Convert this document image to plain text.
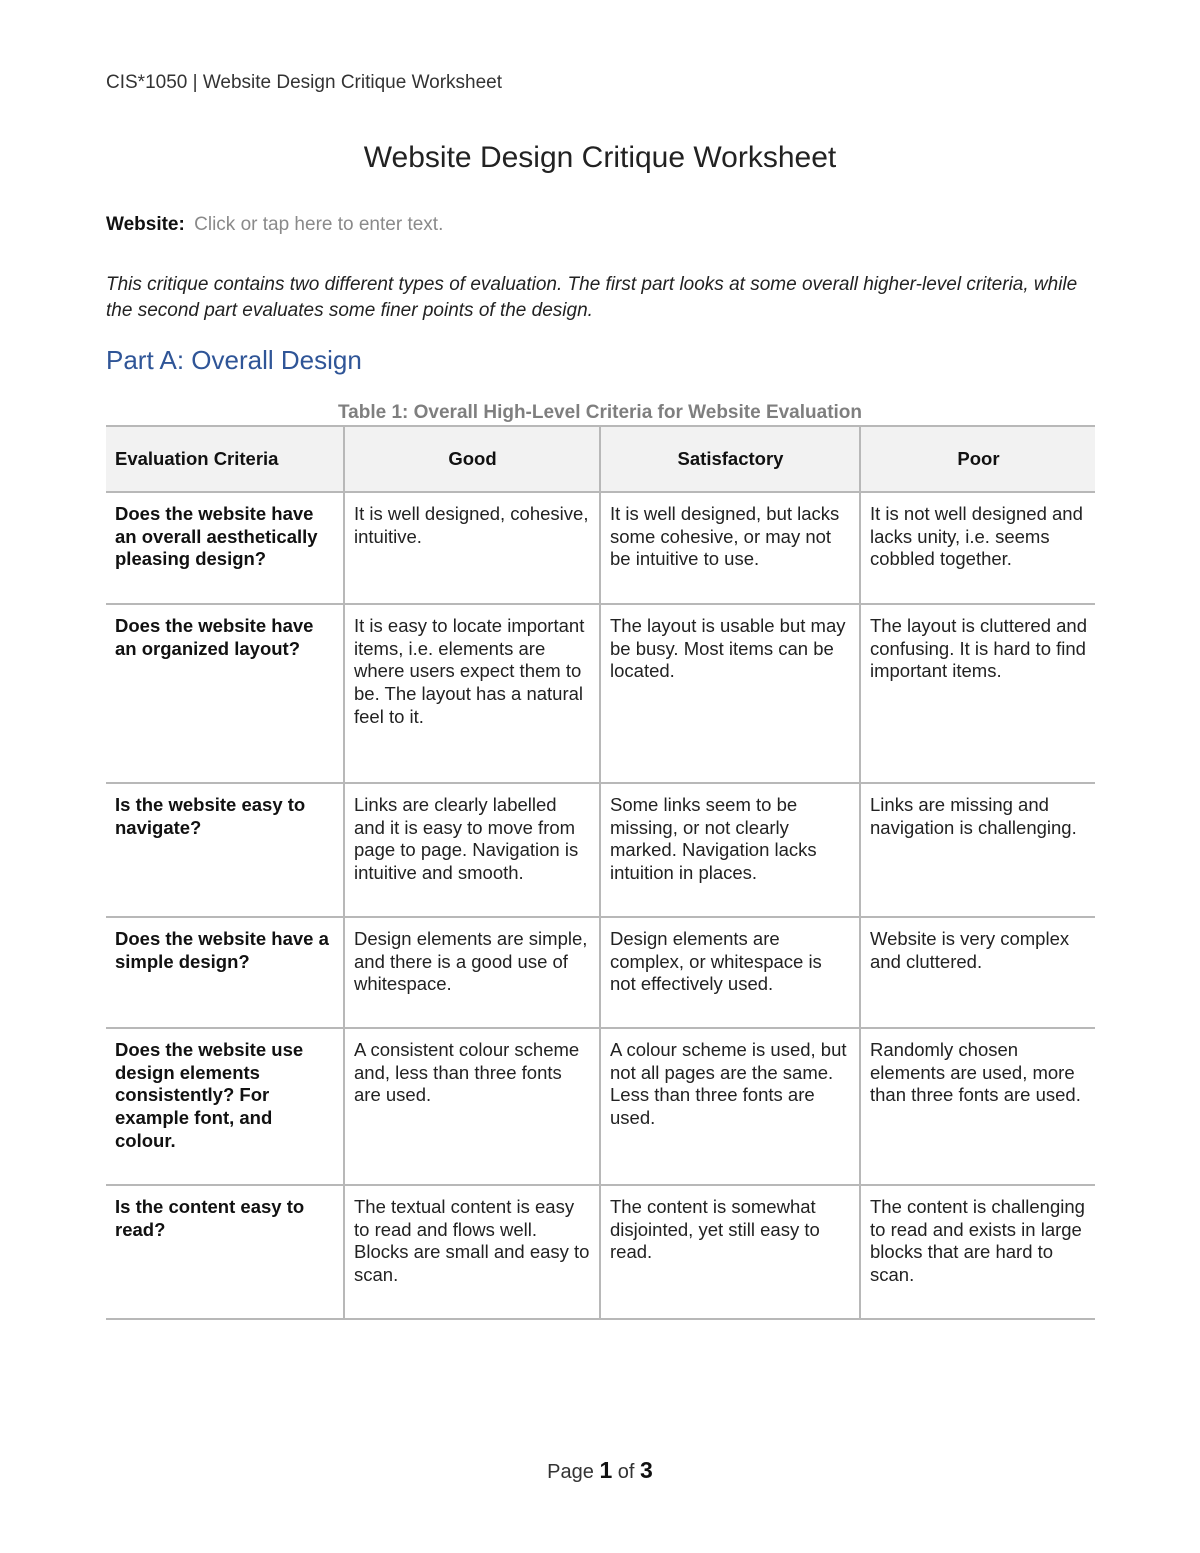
CIS*1050 | Website Design Critique Worksheet
Website Design Critique Worksheet
Website: Click or tap here to enter text.
This critique contains two different types of evaluation. The first part looks at some overall higher-level criteria, while the second part evaluates some finer points of the design.
Part A: Overall Design
Table 1: Overall High-Level Criteria for Website Evaluation
Evaluation Criteria	Good	Satisfactory	Poor
Does the website have an overall aesthetically pleasing design?	It is well designed, cohesive, intuitive.	It is well designed, but lacks some cohesive, or may not be intuitive to use.	It is not well designed and lacks unity, i.e. seems cobbled together.
Does the website have an organized layout?	It is easy to locate important items, i.e. elements are where users expect them to be. The layout has a natural feel to it.	The layout is usable but may be busy. Most items can be located.	The layout is cluttered and confusing. It is hard to find important items.
Is the website easy to navigate?	Links are clearly labelled and it is easy to move from page to page. Navigation is intuitive and smooth.	Some links seem to be missing, or not clearly marked. Navigation lacks intuition in places.	Links are missing and navigation is challenging.
Does the website have a simple design?	Design elements are simple, and there is a good use of whitespace.	Design elements are complex, or whitespace is not effectively used.	Website is very complex and cluttered.
Does the website use design elements consistently? For example font, and colour.	A consistent colour scheme and, less than three fonts are used.	A colour scheme is used, but not all pages are the same. Less than three fonts are used.	Randomly chosen elements are used, more than three fonts are used.
Is the content easy to read?	The textual content is easy to read and flows well. Blocks are small and easy to scan.	The content is somewhat disjointed, yet still easy to read.	The content is challenging to read and exists in large blocks that are hard to scan.
Page 1 of 3
